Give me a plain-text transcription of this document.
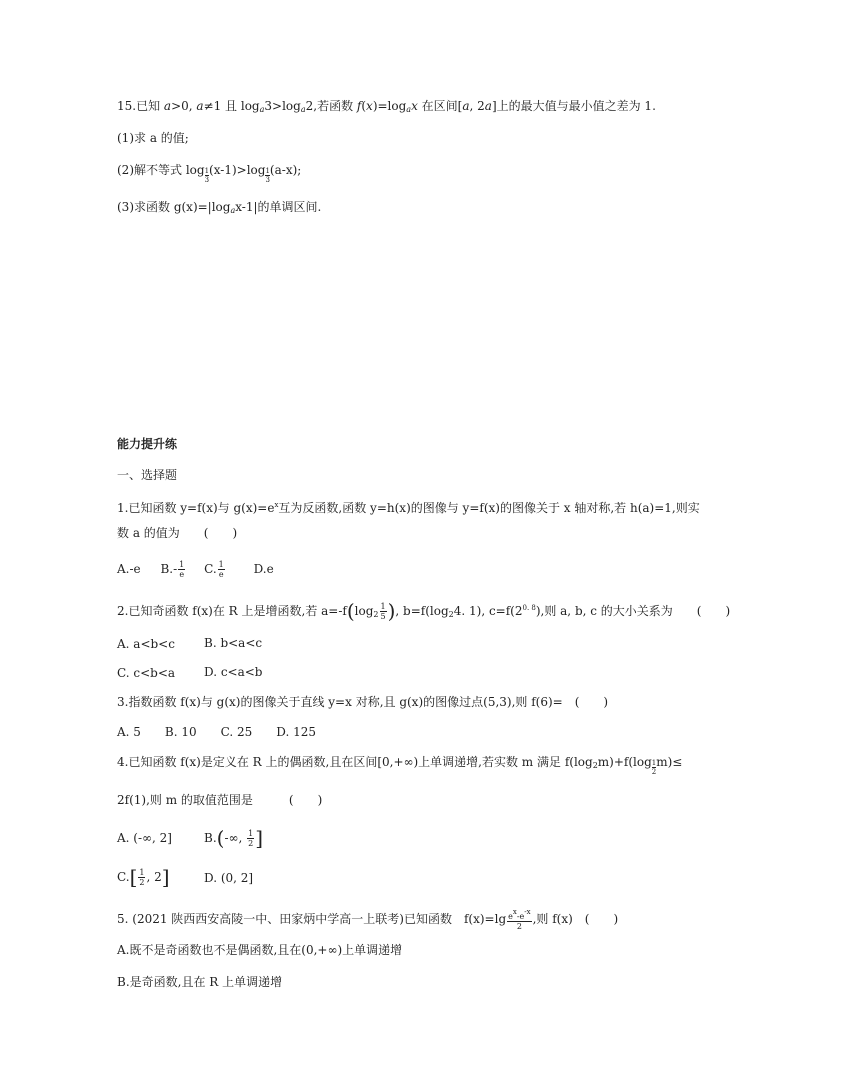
15.已知 a>0, a≠1 且 $\log_a3>\log_a2$,若函数 $f(x)=\log_ax$ 在区间[a, 2a]上的最大值与最小值之差为 1.
(1)求 a 的值;
(2)解不等式 $\log \frac{1}{3} (x-1)>\log \frac{1}{3} (a-x)$;
(3)求函数 $g(x)=|\log_ax-1|$的单调区间.
能力提升练
一、选择题
1.已知函数 y=f(x)与 $g(x)=e^x$互为反函数,函数 y=h(x)的图像与 y=f(x)的图像关于 x 轴对称,若 h(a)=1,则实
数 a 的值为　　(　　)
A.-e $B.- \frac{1}{e} C$. $\frac{1}{e} D.e$
2.已知奇函数 f(x)在 R 上是增函数,若 $a=-f(\log_2 \frac{1}{5}$ ), $b=f(\log_24$. 1), $c=f(2^{0. 8})$,则 a, b, c 的大小关系为　　(　　)
A. a<b<c B. b<a<c
C. c<b<a D. c<a<b
3.指数函数 f(x)与 g(x)的图像关于直线 y=x 对称,且 g(x)的图像过点(5,3),则 f(6)=　(　　)
A. 5　　B. 10　　C. 25　　D. 125
4.已知函数 f(x)是定义在 R 上的偶函数,且在区间[0,+∞)上单调递增,若实数 m 满足 $f(\log_2m)+f(\log \frac{1}{2} m)\le$
2f(1),则 m 的取值范围是　　　(　　)
A. (-∞, 2]	B.(-∞, $\frac{1}{2}$ ]
$C.[ \frac{1}{2}$ , 2]	D. (0, 2]
5. (2021 陕西西安高陵一中、田家炳中学高一上联考)已知函数　$f(x)=\lg \frac{ex-e-x}{2}$ ,则 f(x)　(　　)
A.既不是奇函数也不是偶函数,且在(0,+∞)上单调递增
B.是奇函数,且在 R 上单调递增
